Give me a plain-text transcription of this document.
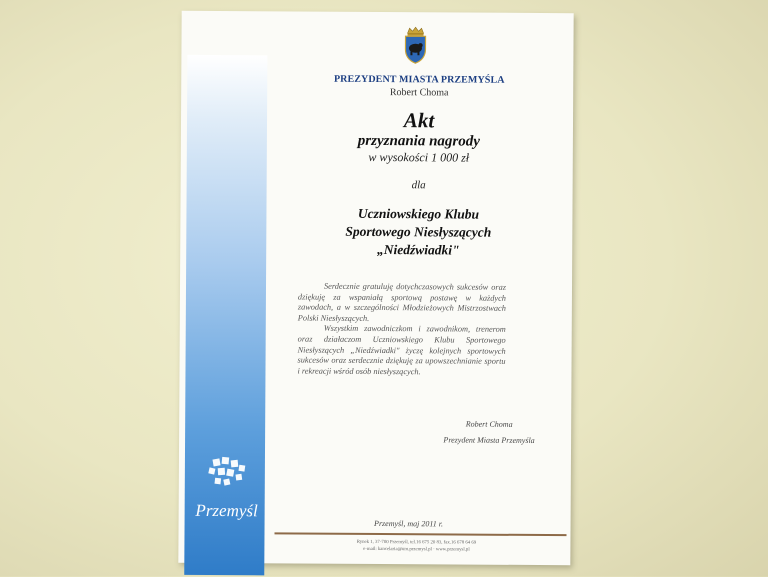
PREZYDENT MIASTA PRZEMYŚLA
Robert Choma
Akt
przyznania nagrody
w wysokości 1 000 zł
dla
Uczniowskiego Klubu
Sportowego Niesłyszących
„Niedźwiadki"

Serdecznie gratuluję dotychczasowych sukcesów oraz dziękuję za wspaniałą sportową postawę w każdych zawodach, a w szczególności Młodzieżowych Mistrzostwach Polski Niesłyszących.

Wszystkim zawodniczkom i zawodnikom, trenerom oraz działaczom Uczniowskiego Klubu Sportowego Niesłyszących „Niedźwiadki" życzę kolejnych sportowych sukcesów oraz serdecznie dziękuję za upowszechnianie sportu i rekreacji wśród osób niesłyszących.

Robert Choma
Prezydent Miasta Przemyśla
Przemyśl, maj 2011 r.
Rynek 1, 37-700 Przemyśl, tel.16 675 20 83, fax.16 678 64 69
e-mail: kancelaria@um.przemysl.pl · www.przemysl.pl
Przemyśl
